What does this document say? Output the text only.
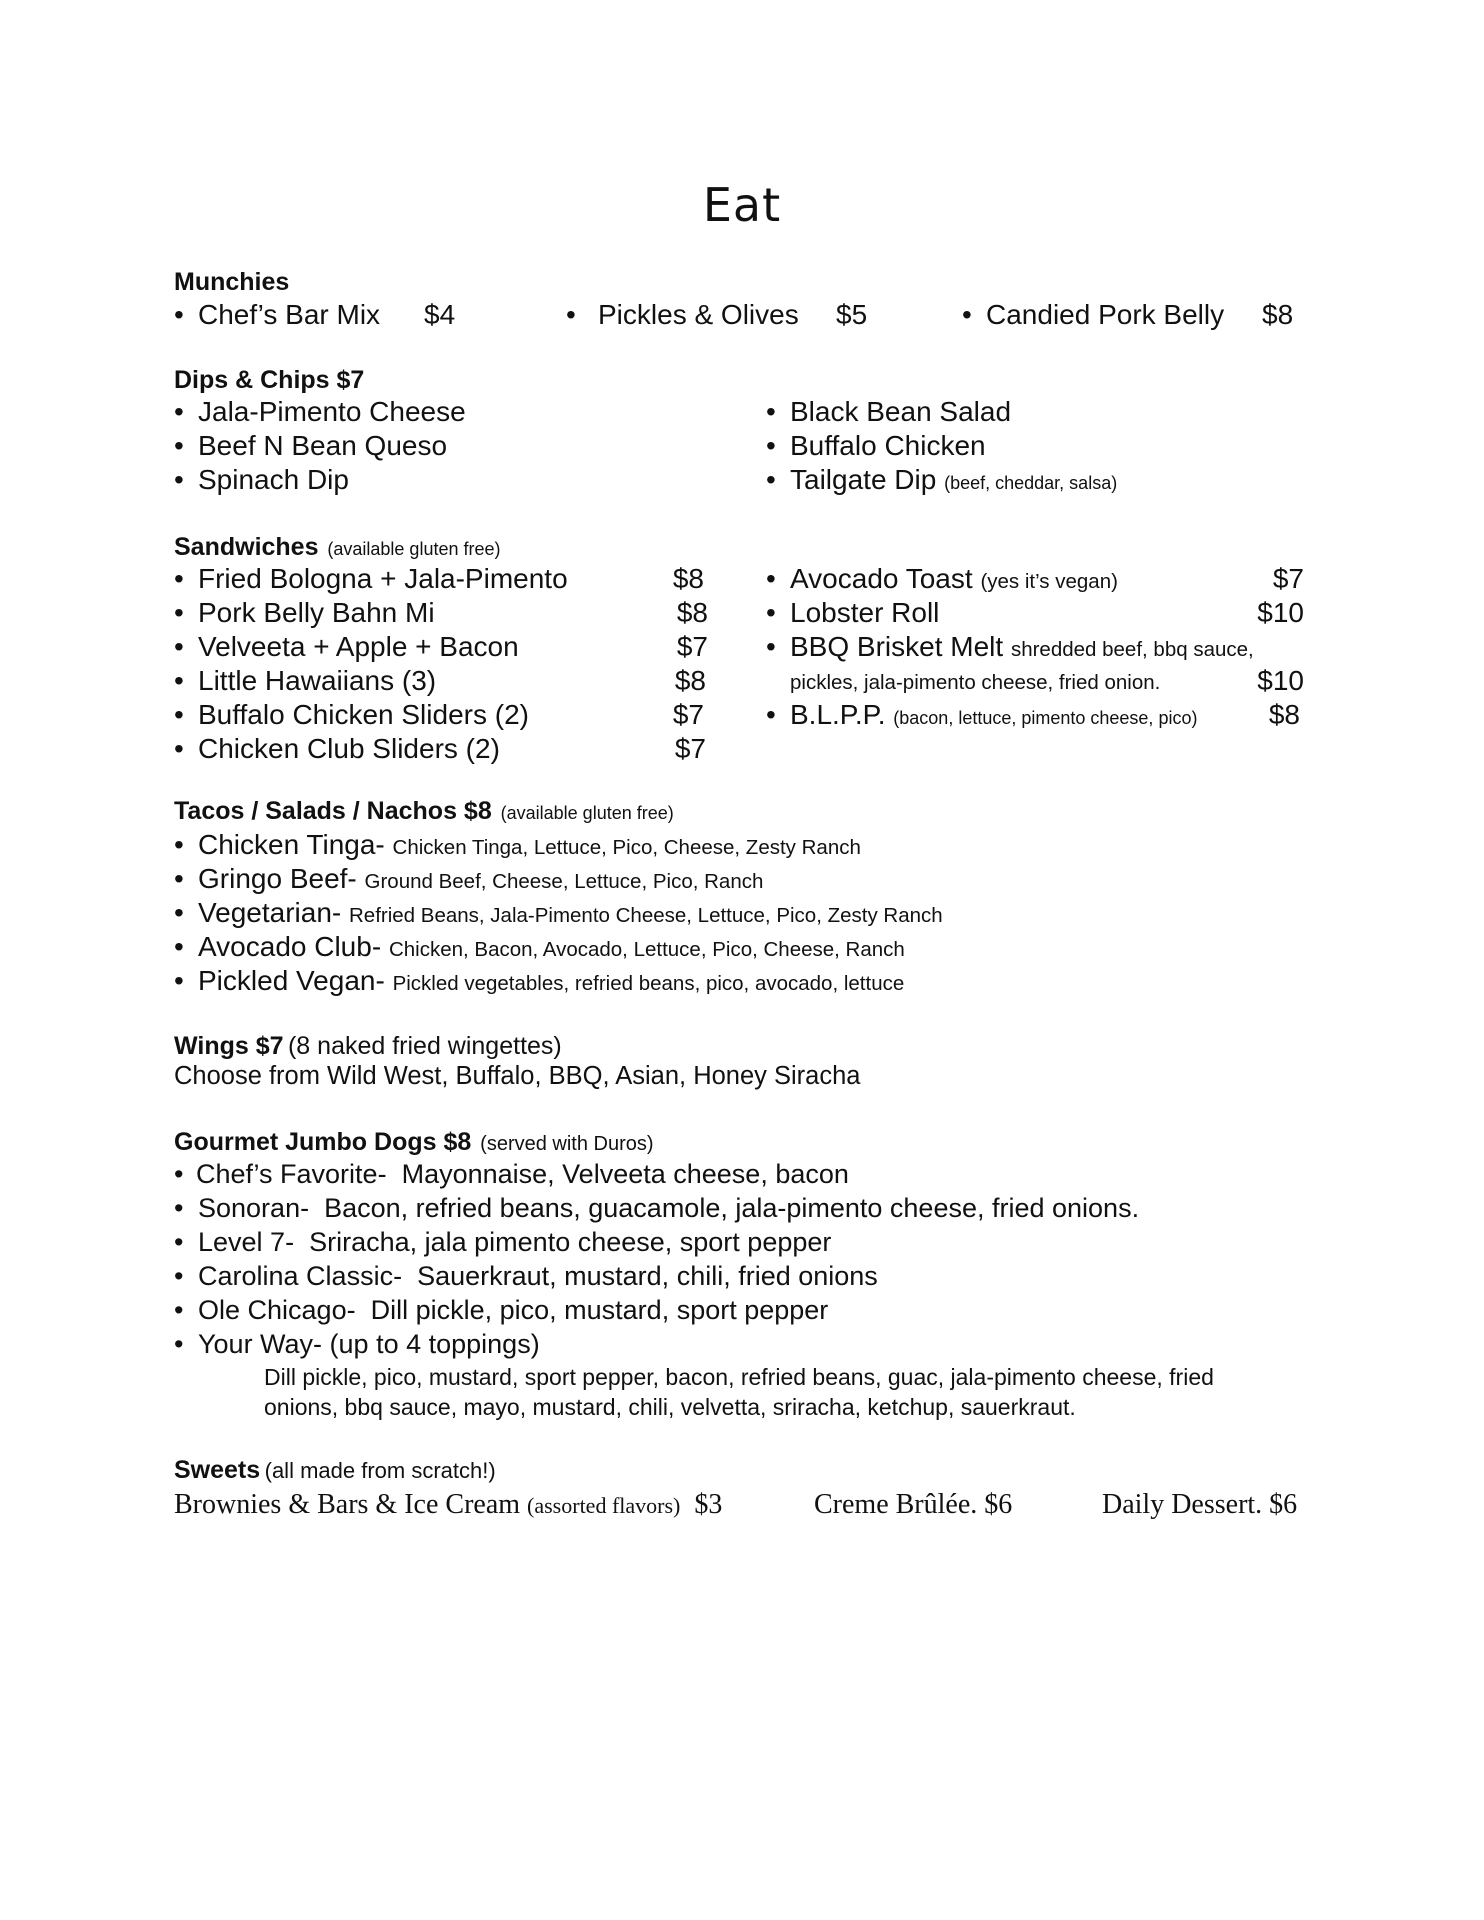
Eat
Munchies
• Chef’s Bar Mix $4	• Pickles & Olives $5	• Candied Pork Belly $8
Dips & Chips $7
• Jala-Pimento Cheese
• Beef N Bean Queso
• Spinach Dip
• Black Bean Salad
• Buffalo Chicken
• Tailgate Dip (beef, cheddar, salsa)
Sandwiches (available gluten free)
• Fried Bologna + Jala-Pimento	$8
• Pork Belly Bahn Mi	$8
• Velveeta + Apple + Bacon	$7
• Little Hawaiians (3)	$8
• Buffalo Chicken Sliders (2)	$7
• Chicken Club Sliders (2)	$7
• Avocado Toast (yes it’s vegan)	$7
• Lobster Roll	$10
• BBQ Brisket Melt shredded beef, bbq sauce,
pickles, jala-pimento cheese, fried onion.	$10
• B.L.P.P. (bacon, lettuce, pimento cheese, pico)	$8
Tacos / Salads / Nachos $8 (available gluten free)
• Chicken Tinga- Chicken Tinga, Lettuce, Pico, Cheese, Zesty Ranch
• Gringo Beef- Ground Beef, Cheese, Lettuce, Pico, Ranch
• Vegetarian- Refried Beans, Jala-Pimento Cheese, Lettuce, Pico, Zesty Ranch
• Avocado Club- Chicken, Bacon, Avocado, Lettuce, Pico, Cheese, Ranch
• Pickled Vegan- Pickled vegetables, refried beans, pico, avocado, lettuce
Wings $7 (8 naked fried wingettes)
Choose from Wild West, Buffalo, BBQ, Asian, Honey Siracha
Gourmet Jumbo Dogs $8 (served with Duros)
• Chef’s Favorite- Mayonnaise, Velveeta cheese, bacon
• Sonoran- Bacon, refried beans, guacamole, jala-pimento cheese, fried onions.
• Level 7- Sriracha, jala pimento cheese, sport pepper
• Carolina Classic- Sauerkraut, mustard, chili, fried onions
• Ole Chicago- Dill pickle, pico, mustard, sport pepper
• Your Way- (up to 4 toppings)
Dill pickle, pico, mustard, sport pepper, bacon, refried beans, guac, jala-pimento cheese, fried
onions, bbq sauce, mayo, mustard, chili, velvetta, sriracha, ketchup, sauerkraut.
Sweets (all made from scratch!)
Brownies & Bars & Ice Cream (assorted flavors) $3	Creme Brûlée. $6	Daily Dessert. $6
